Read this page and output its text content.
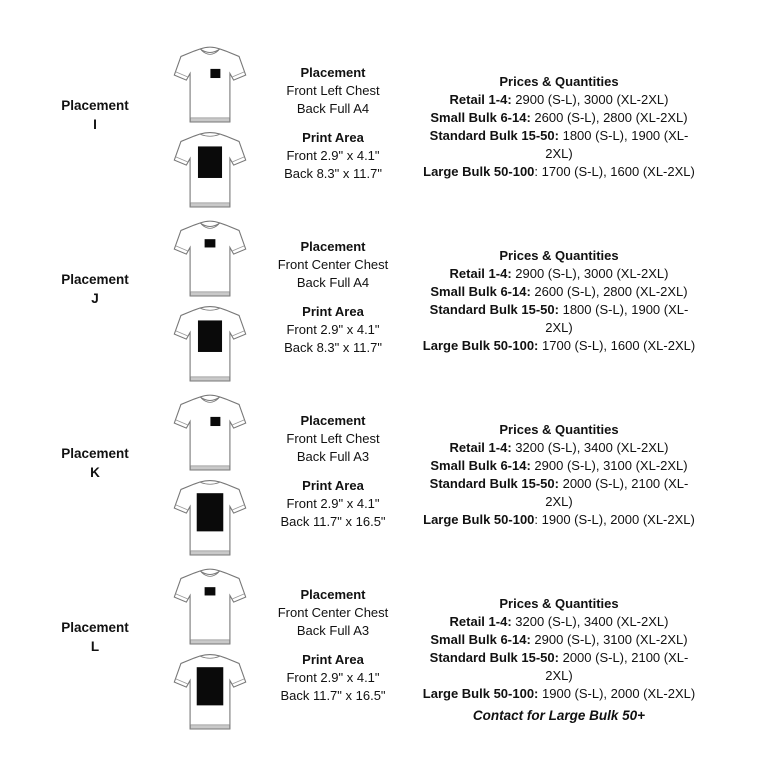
Placement
I
Placement
Front Left Chest
Back Full A4
Print Area
Front 2.9" x 4.1"
Back 8.3" x 11.7"
Prices & Quantities
Retail 1-4: 2900 (S-L), 3000 (XL-2XL)
Small Bulk 6-14: 2600 (S-L), 2800 (XL-2XL)
Standard Bulk 15-50: 1800 (S-L), 1900 (XL-2XL)
Large Bulk 50-100: 1700 (S-L), 1600 (XL-2XL)
Placement
J
Placement
Front Center Chest
Back Full A4
Print Area
Front 2.9" x 4.1"
Back 8.3" x 11.7"
Prices & Quantities
Retail 1-4: 2900 (S-L), 3000 (XL-2XL)
Small Bulk 6-14: 2600 (S-L), 2800 (XL-2XL)
Standard Bulk 15-50: 1800 (S-L), 1900 (XL-2XL)
Large Bulk 50-100: 1700 (S-L), 1600 (XL-2XL)
Placement
K
Placement
Front Left Chest
Back Full A3
Print Area
Front 2.9" x 4.1"
Back 11.7" x 16.5"
Prices & Quantities
Retail 1-4: 3200 (S-L), 3400 (XL-2XL)
Small Bulk 6-14: 2900 (S-L), 3100 (XL-2XL)
Standard Bulk 15-50: 2000 (S-L), 2100 (XL-2XL)
Large Bulk 50-100: 1900 (S-L), 2000 (XL-2XL)
Placement
L
Placement
Front Center Chest
Back Full A3
Print Area
Front 2.9" x 4.1"
Back 11.7" x 16.5"
Prices & Quantities
Retail 1-4: 3200 (S-L), 3400 (XL-2XL)
Small Bulk 6-14: 2900 (S-L), 3100 (XL-2XL)
Standard Bulk 15-50: 2000 (S-L), 2100 (XL-2XL)
Large Bulk 50-100: 1900 (S-L), 2000 (XL-2XL)
Contact for Large Bulk 50+
